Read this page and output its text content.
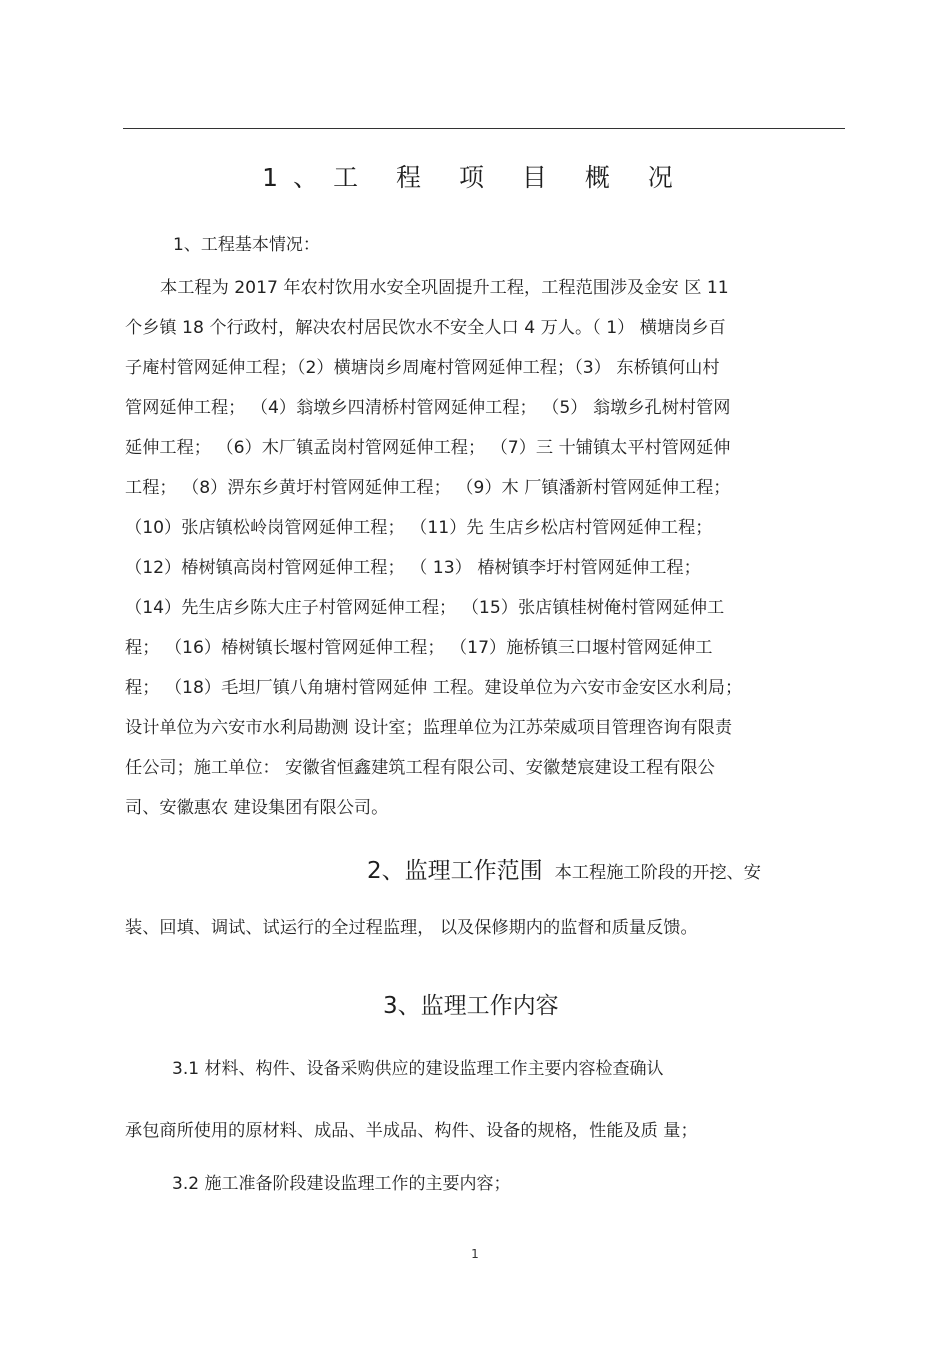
1、工 程 项 目 概 况
1、工程基本情况：
本工程为 2017 年农村饮用水安全巩固提升工程，工程范围涉及金安 区 11
个乡镇 18 个行政村，解决农村居民饮水不安全人口 4 万人。（ 1） 横塘岗乡百
子庵村管网延伸工程；（2）横塘岗乡周庵村管网延伸工程；（3） 东桥镇何山村
管网延伸工程； （4）翁墩乡四清桥村管网延伸工程； （5） 翁墩乡孔树村管网
延伸工程； （6）木厂镇孟岗村管网延伸工程； （7）三 十铺镇太平村管网延伸
工程； （8）淠东乡黄圩村管网延伸工程； （9）木 厂镇潘新村管网延伸工程；
（10）张店镇松岭岗管网延伸工程； （11）先 生店乡松店村管网延伸工程；
（12）椿树镇高岗村管网延伸工程； （ 13） 椿树镇李圩村管网延伸工程；
（14）先生店乡陈大庄子村管网延伸工程； （15）张店镇桂树俺村管网延伸工
程； （16）椿树镇长堰村管网延伸工程； （17）施桥镇三口堰村管网延伸工
程； （18）毛坦厂镇八角塘村管网延伸 工程。建设单位为六安市金安区水利局；
设计单位为六安市水利局勘测 设计室；监理单位为江苏荣威项目管理咨询有限责
任公司；施工单位： 安徽省恒鑫建筑工程有限公司、安徽楚宸建设工程有限公
司、安徽惠农 建设集团有限公司。
2、监理工作范围 本工程施工阶段的开挖、安
装、回填、调试、试运行的全过程监理， 以及保修期内的监督和质量反馈。
3、监理工作内容
3.1 材料、构件、设备采购供应的建设监理工作主要内容检查确认
承包商所使用的原材料、成品、半成品、构件、设备的规格，性能及质 量；
3.2 施工准备阶段建设监理工作的主要内容；
1
